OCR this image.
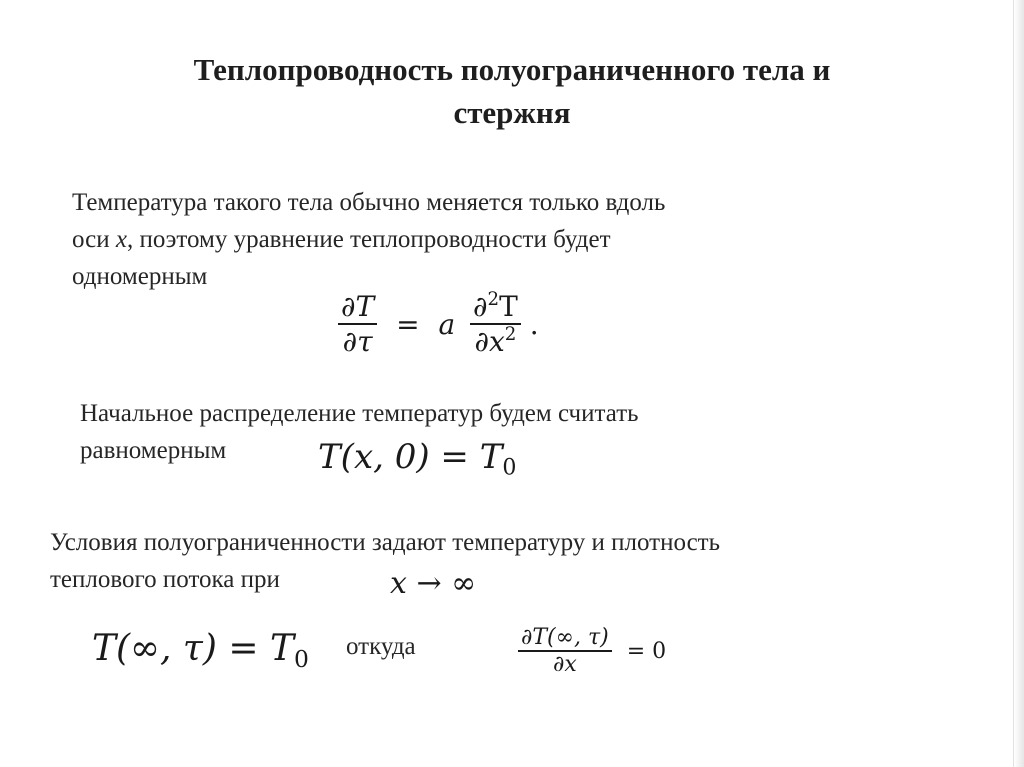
Теплопроводность полуограниченного тела и
стержня
Температура такого тела обычно меняется только вдоль
оси x, поэтому уравнение теплопроводности будет
одномерным
$\frac{\partial T}{\partial\tau} = a \frac{\partial^2T}{\partial x^2}$ .
Начальное распределение температур будем считать
равномерным	T(x, $0) = T_0$
Условия полуограниченности задают температуру и плотность
теплового потока при	x → ∞
T(∞, $\tau) = T_0$ откуда	$\frac{\partial T(\infty, \tau)}{\partial x} = 0$
